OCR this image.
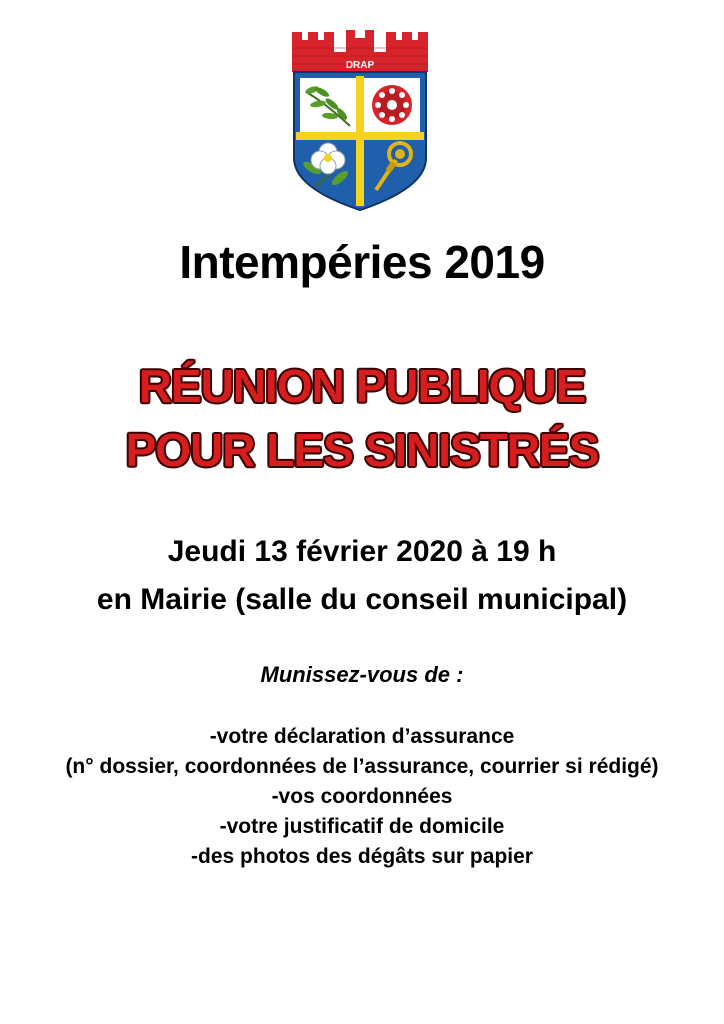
DRAP
Intempéries 2019
RÉUNION PUBLIQUE
POUR LES SINISTRÉS
Jeudi 13 février 2020 à 19 h
en Mairie (salle du conseil municipal)
Munissez-vous de :
-votre déclaration d’assurance
(n° dossier, coordonnées de l’assurance, courrier si rédigé)
-vos coordonnées
-votre justificatif de domicile
-des photos des dégâts sur papier
